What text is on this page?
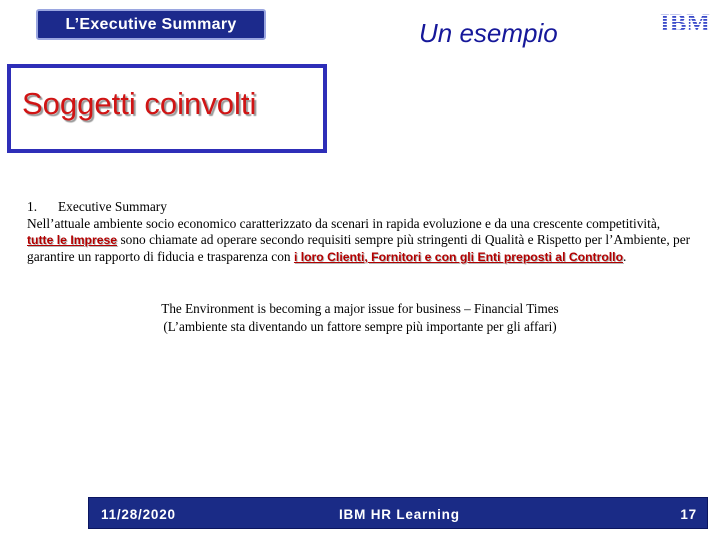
L’Executive Summary	Un esempio	IBM
Soggetti coinvolti
1. Executive Summary
Nell’attuale ambiente socio economico caratterizzato da scenari in rapida evoluzione e da una crescente competitività,
tutte le Imprese sono chiamate ad operare secondo requisiti sempre più stringenti di Qualità e Rispetto per l’Ambiente, per garantire un rapporto di fiducia e trasparenza con i loro Clienti, Fornitori e con gli Enti preposti al Controllo.
The Environment is becoming a major issue for business – Financial Times
(L’ambiente sta diventando un fattore sempre più importante per gli affari)
11/28/2020	IBM HR Learning	17
